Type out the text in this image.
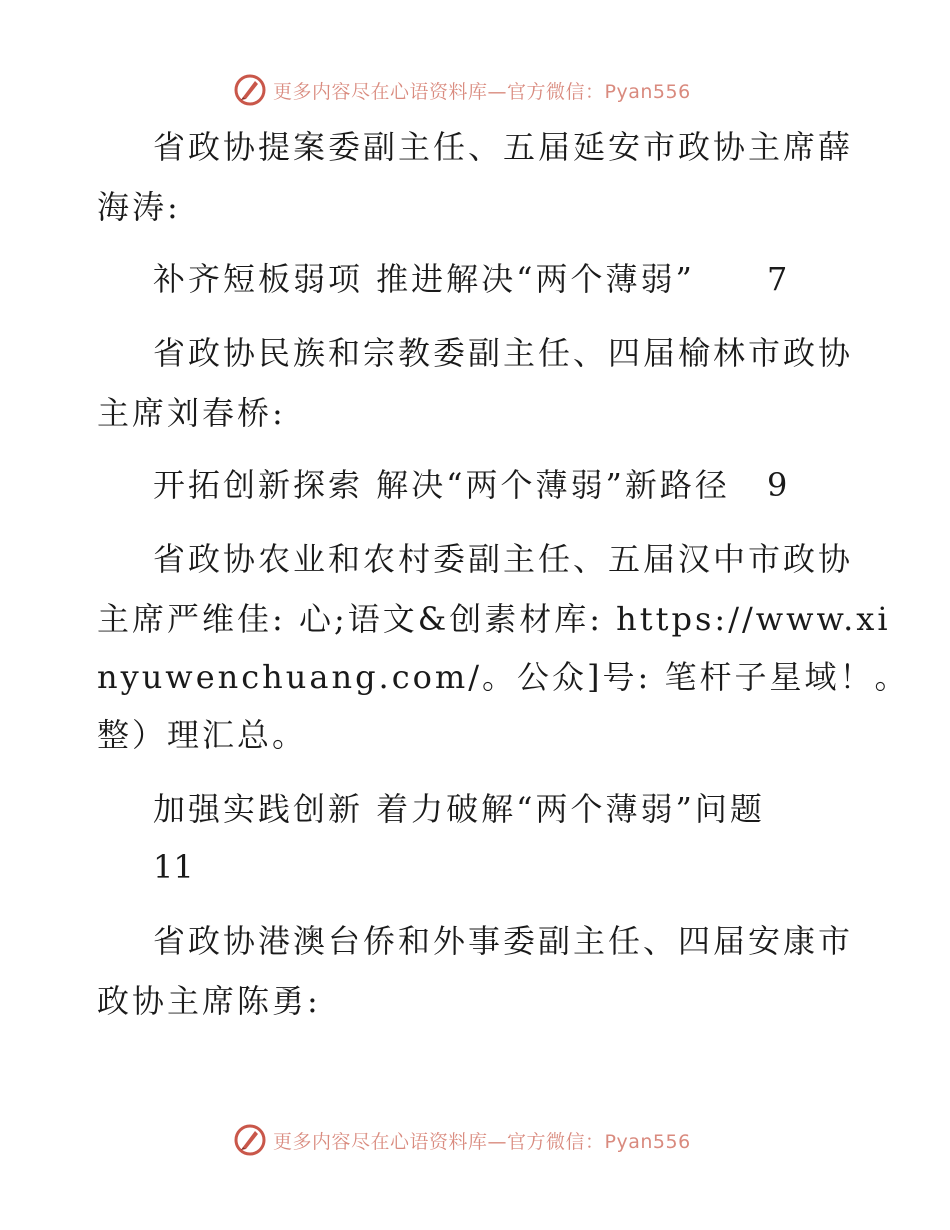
更多内容尽在心语资料库—官方微信：Pyan556
省政协提案委副主任、五届延安市政协主席薛
海涛:
补齐短板弱项 推进解决“两个薄弱” 7
省政协民族和宗教委副主任、四届榆林市政协
主席刘春桥:
开拓创新探索 解决“两个薄弱”新路径 9
省政协农业和农村委副主任、五届汉中市政协
主席严维佳: 心;语文&创素材库: https://www.xi
nyuwenchuang.com/。公众]号: 笔杆子星域！。
整）理汇总。
加强实践创新 着力破解“两个薄弱”问题
11
省政协港澳台侨和外事委副主任、四届安康市
政协主席陈勇:
更多内容尽在心语资料库—官方微信：Pyan556
